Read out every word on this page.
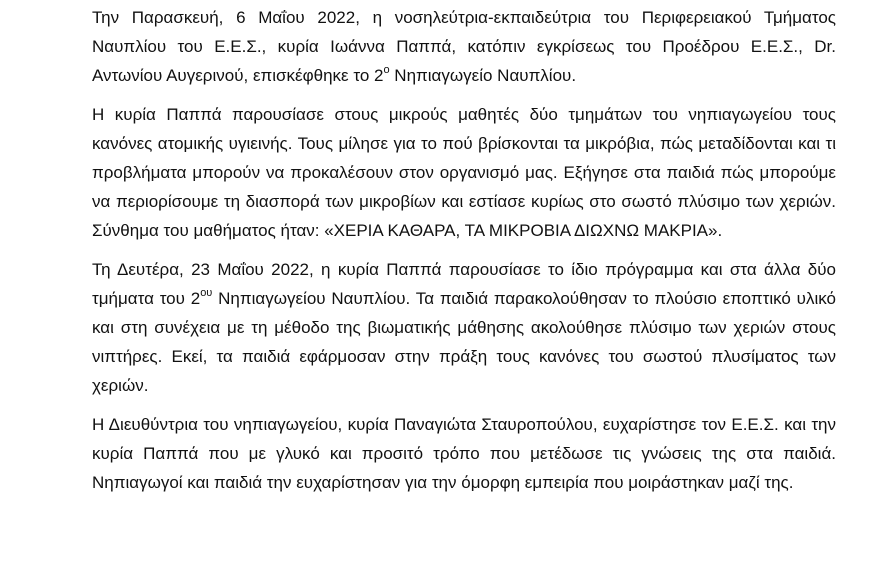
Την Παρασκευή, 6 Μαΐου 2022, η νοσηλεύτρια-εκπαιδεύτρια του Περιφερειακού Τμήματος Ναυπλίου του Ε.Ε.Σ., κυρία Ιωάννα Παππά, κατόπιν εγκρίσεως του Προέδρου Ε.Ε.Σ., Dr. Αντωνίου Αυγερινού, επισκέφθηκε το $2^o$ Νηπιαγωγείο Ναυπλίου.

Η κυρία Παππά παρουσίασε στους μικρούς μαθητές δύο τμημάτων του νηπιαγωγείου τους κανόνες ατομικής υγιεινής. Τους μίλησε για το πού βρίσκονται τα μικρόβια, πώς μεταδίδονται και τι προβλήματα μπορούν να προκαλέσουν στον οργανισμό μας. Εξήγησε στα παιδιά πώς μπορούμε να περιορίσουμε τη διασπορά των μικροβίων και εστίασε κυρίως στο σωστό πλύσιμο των χεριών. Σύνθημα του μαθήματος ήταν: «ΧΕΡΙΑ ΚΑΘΑΡΑ, ΤΑ ΜΙΚΡΟΒΙΑ ΔΙΩΧΝΩ ΜΑΚΡΙΑ».

Τη Δευτέρα, 23 Μαΐου 2022, η κυρία Παππά παρουσίασε το ίδιο πρόγραμμα και στα άλλα δύο τμήματα του $2^{o\upsilon}$ Νηπιαγωγείου Ναυπλίου. Τα παιδιά παρακολούθησαν το πλούσιο εποπτικό υλικό και στη συνέχεια με τη μέθοδο της βιωματικής μάθησης ακολούθησε πλύσιμο των χεριών στους νιπτήρες. Εκεί, τα παιδιά εφάρμοσαν στην πράξη τους κανόνες του σωστού πλυσίματος των χεριών.

Η Διευθύντρια του νηπιαγωγείου, κυρία Παναγιώτα Σταυροπούλου, ευχαρίστησε τον Ε.Ε.Σ. και την κυρία Παππά που με γλυκό και προσιτό τρόπο που μετέδωσε τις γνώσεις της στα παιδιά. Νηπιαγωγοί και παιδιά την ευχαρίστησαν για την όμορφη εμπειρία που μοιράστηκαν μαζί της.
